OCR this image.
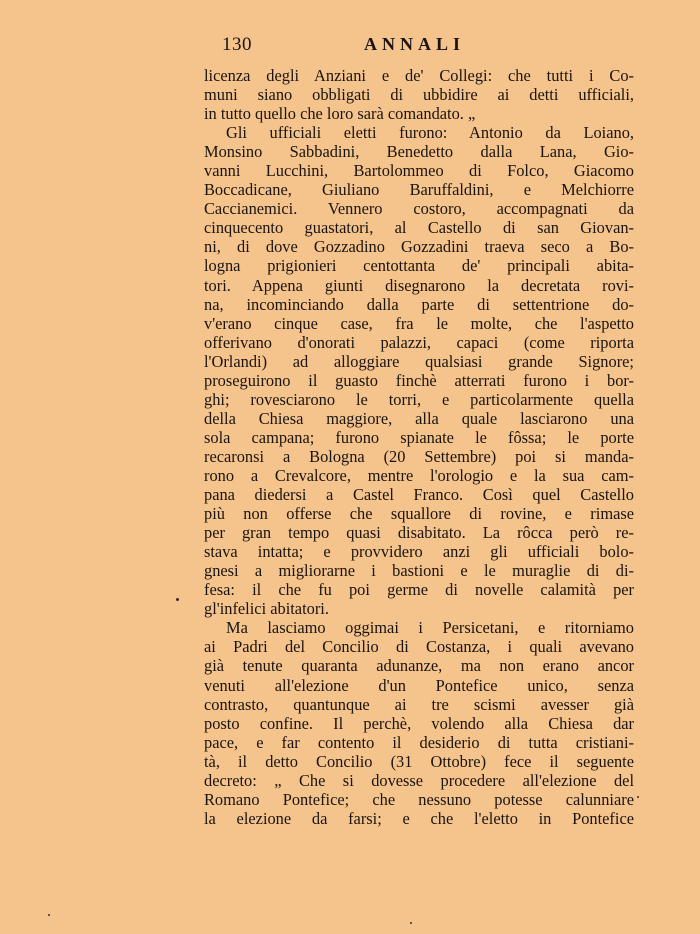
130	ANNALI
licenza degli Anziani e de' Collegi: che tutti i Co-
muni siano obbligati di ubbidire ai detti ufficiali,
in tutto quello che loro sarà comandato. „
Gli ufficiali eletti furono: Antonio da Loiano,
Monsino Sabbadini, Benedetto dalla Lana, Gio-
vanni Lucchini, Bartolommeo di Folco, Giacomo
Boccadicane, Giuliano Baruffaldini, e Melchiorre
Caccianemici. Vennero costoro, accompagnati da
cinquecento guastatori, al Castello di san Giovan-
ni, di dove Gozzadino Gozzadini traeva seco a Bo-
logna prigionieri centottanta de' principali abita-
tori. Appena giunti disegnarono la decretata rovi-
na, incominciando dalla parte di settentrione do-
v'erano cinque case, fra le molte, che l'aspetto
offerivano d'onorati palazzi, capaci (come riporta
l'Orlandi) ad alloggiare qualsiasi grande Signore;
proseguirono il guasto finchè atterrati furono i bor-
ghi; rovesciarono le torri, e particolarmente quella
della Chiesa maggiore, alla quale lasciarono una
sola campana; furono spianate le fôssa; le porte
recaronsi a Bologna (20 Settembre) poi si manda-
rono a Crevalcore, mentre l'orologio e la sua cam-
pana diedersi a Castel Franco. Così quel Castello
più non offerse che squallore di rovine, e rimase
per gran tempo quasi disabitato. La rôcca però re-
stava intatta; e provvidero anzi gli ufficiali bolo-
gnesi a migliorarne i bastioni e le muraglie di di-
fesa: il che fu poi germe di novelle calamità per
gl'infelici abitatori.
Ma lasciamo oggimai i Persicetani, e ritorniamo
ai Padri del Concilio di Costanza, i quali avevano
già tenute quaranta adunanze, ma non erano ancor
venuti all'elezione d'un Pontefice unico, senza
contrasto, quantunque ai tre scismi avesser già
posto confine. Il perchè, volendo alla Chiesa dar
pace, e far contento il desiderio di tutta cristiani-
tà, il detto Concilio (31 Ottobre) fece il seguente
decreto: „ Che si dovesse procedere all'elezione del
Romano Pontefice; che nessuno potesse calunniare
la elezione da farsi; e che l'eletto in Pontefice
